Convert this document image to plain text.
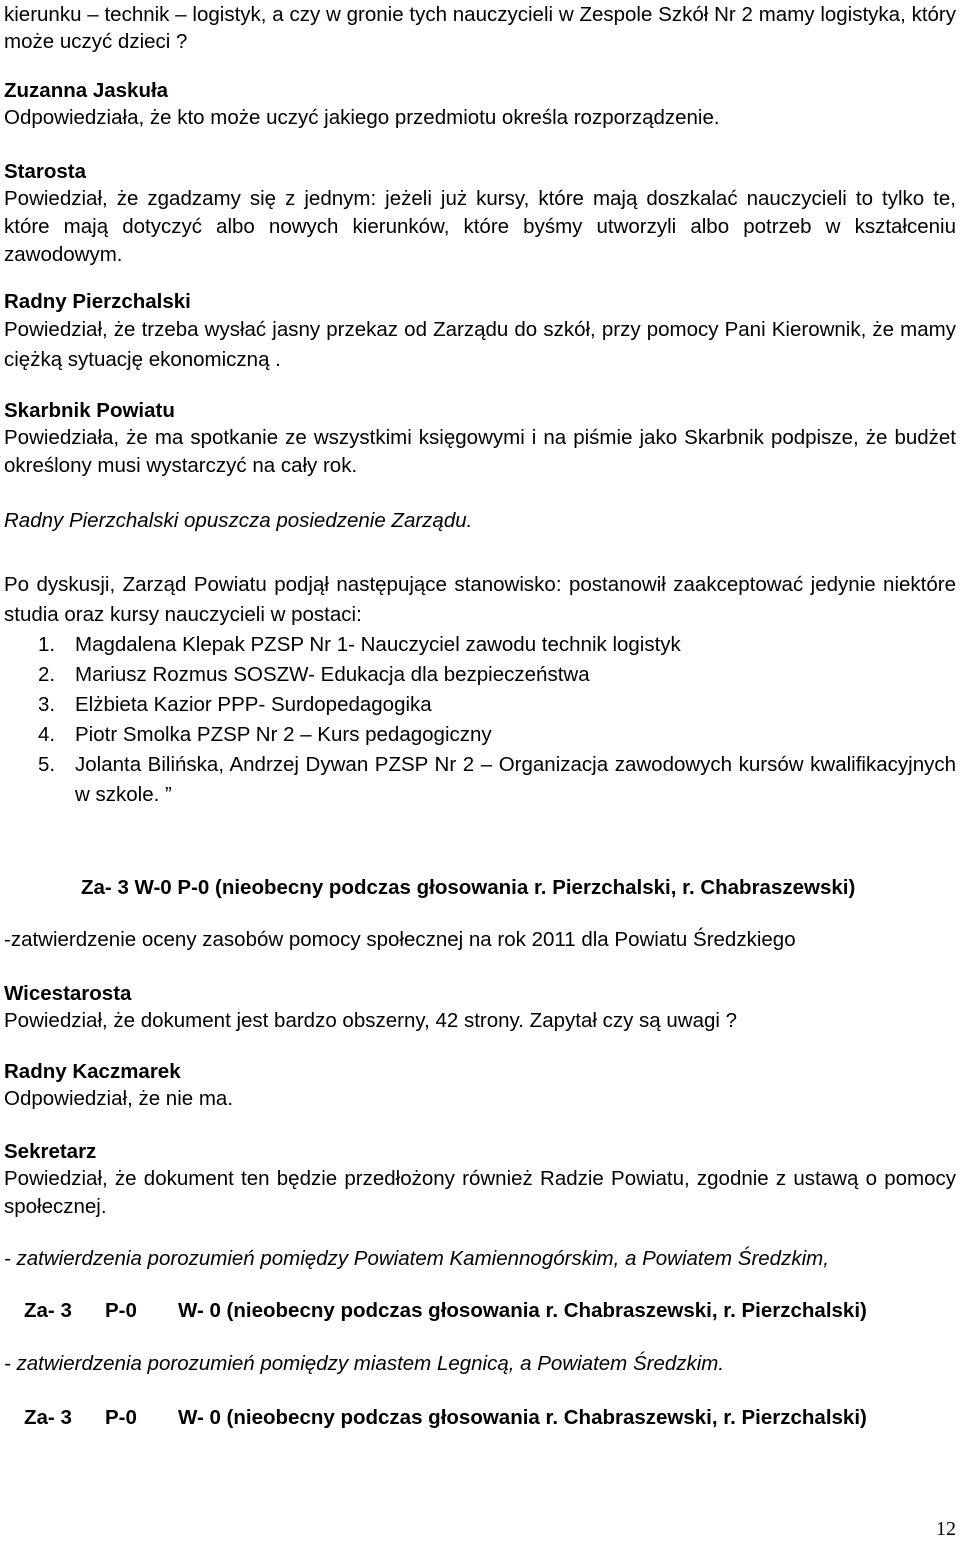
kierunku – technik – logistyk, a czy w gronie tych nauczycieli w Zespole Szkół Nr 2 mamy logistyka, który może uczyć dzieci ?

Zuzanna Jaskuła
Odpowiedziała, że kto może uczyć jakiego przedmiotu określa rozporządzenie.
Starosta
Powiedział, że zgadzamy się z jednym: jeżeli już kursy, które mają doszkalać nauczycieli to tylko te, które mają dotyczyć albo nowych kierunków, które byśmy utworzyli albo potrzeb w kształceniu zawodowym.
Radny Pierzchalski
Powiedział, że trzeba wysłać jasny przekaz od Zarządu do szkół, przy pomocy Pani Kierownik, że mamy ciężką sytuację ekonomiczną .
Skarbnik Powiatu
Powiedziała, że ma spotkanie ze wszystkimi księgowymi i na piśmie jako Skarbnik podpisze, że budżet określony musi wystarczyć na cały rok.

Radny Pierzchalski opuszcza posiedzenie Zarządu.

Po dyskusji, Zarząd Powiatu podjął następujące stanowisko: postanowił zaakceptować jedynie niektóre studia oraz kursy nauczycieli w postaci:

1. Magdalena Klepak PZSP Nr 1- Nauczyciel zawodu technik logistyk
2. Mariusz Rozmus SOSZW- Edukacja dla bezpieczeństwa
3. Elżbieta Kazior PPP- Surdopedagogika
4. Piotr Smolka PZSP Nr 2 – Kurs pedagogiczny
5. Jolanta Bilińska, Andrzej Dywan PZSP Nr 2 – Organizacja zawodowych kursów kwalifikacyjnych w szkole. ”
Za- 3 W-0 P-0 (nieobecny podczas głosowania r. Pierzchalski, r. Chabraszewski)

-zatwierdzenie oceny zasobów pomocy społecznej na rok 2011 dla Powiatu Średzkiego

Wicestarosta
Powiedział, że dokument jest bardzo obszerny, 42 strony. Zapytał czy są uwagi ?
Radny Kaczmarek
Odpowiedział, że nie ma.
Sekretarz
Powiedział, że dokument ten będzie przedłożony również Radzie Powiatu, zgodnie z ustawą o pomocy społecznej.

- zatwierdzenia porozumień pomiędzy Powiatem Kamiennogórskim, a Powiatem Średzkim,

Za- 3 P-0 W- 0 (nieobecny podczas głosowania r. Chabraszewski, r. Pierzchalski)

- zatwierdzenia porozumień pomiędzy miastem Legnicą, a Powiatem Średzkim.

Za- 3 P-0 W- 0 (nieobecny podczas głosowania r. Chabraszewski, r. Pierzchalski)
12
